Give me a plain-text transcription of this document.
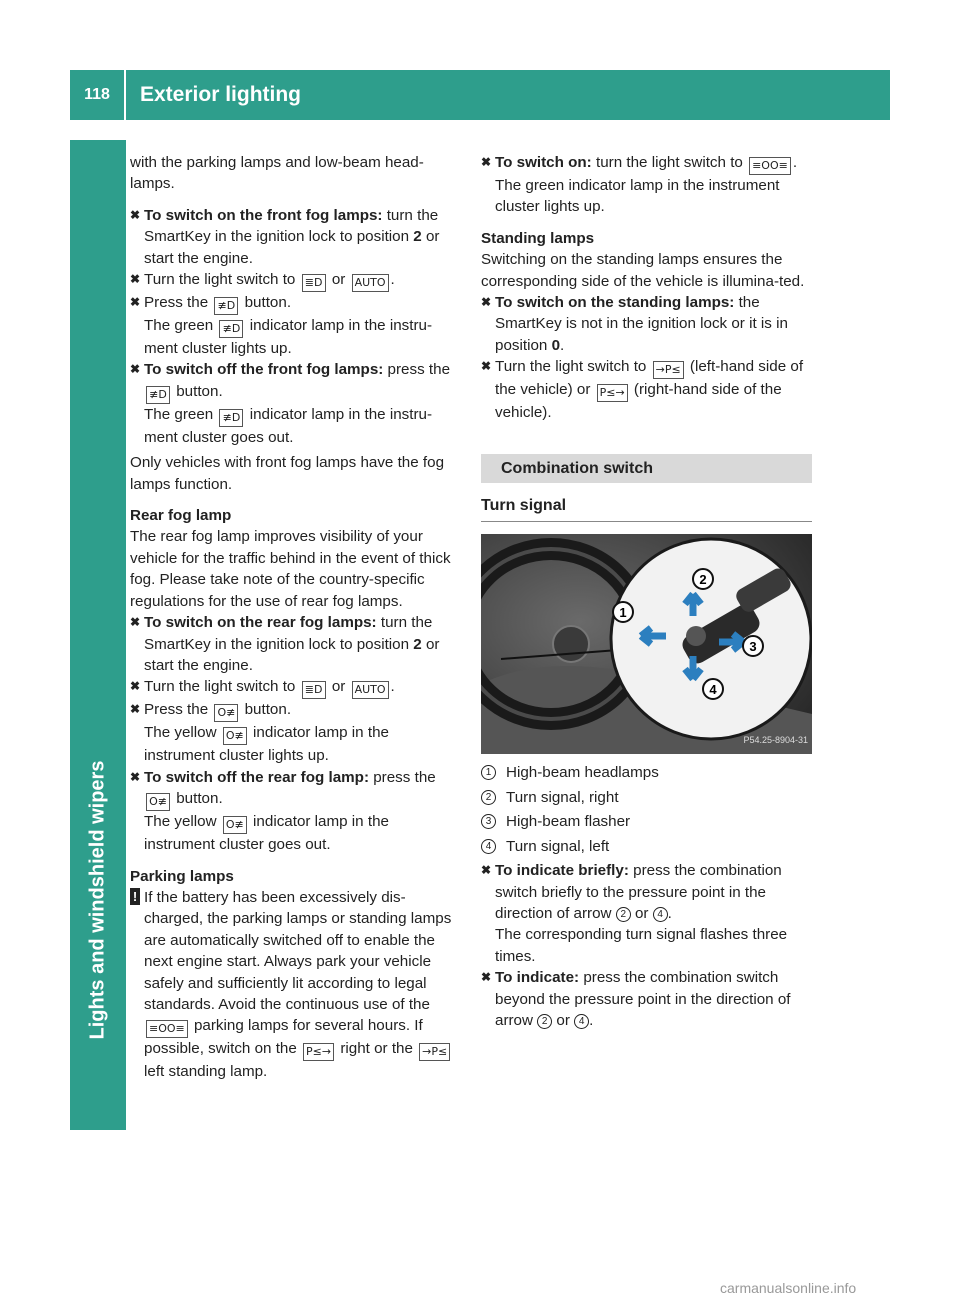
118	Exterior lighting
Lights and windshield wipers

with the parking lamps and low-beam head-lamps.

✖ To switch on the front fog lamps: turn the SmartKey in the ignition lock to position 2 or start the engine.

✖ Turn the light switch to ≣D or AUTO .

✖ Press the ≢D button.
The green ≢D indicator lamp in the instru-ment cluster lights up.

✖ To switch off the front fog lamps: press the ≢D button.
The green ≢D indicator lamp in the instru-ment cluster goes out.

Only vehicles with front fog lamps have the fog lamps function.

Rear fog lamp

The rear fog lamp improves visibility of your vehicle for the traffic behind in the event of thick fog. Please take note of the country-specific regulations for the use of rear fog lamps.

✖ To switch on the rear fog lamps: turn the SmartKey in the ignition lock to position 2 or start the engine.

✖ Turn the light switch to ≣D or AUTO .

✖ Press the O≢ button.
The yellow O≢ indicator lamp in the instrument cluster lights up.

✖ To switch off the rear fog lamp: press the
O≢ button.
The yellow O≢ indicator lamp in the instrument cluster goes out.

Parking lamps

! If the battery has been excessively dis-charged, the parking lamps or standing lamps are automatically switched off to enable the next engine start. Always park your vehicle safely and sufficiently lit according to legal standards. Avoid the continuous use of the ≡OO≡ parking lamps for several hours. If possible, switch on the P≤→ right or the →P≤ left standing lamp.

✖ To switch on: turn the light switch to ≡OO≡ .
The green indicator lamp in the instrument cluster lights up.

Standing lamps

Switching on the standing lamps ensures the corresponding side of the vehicle is illumina-ted.

✖ To switch on the standing lamps: the SmartKey is not in the ignition lock or it is in position 0.

✖ Turn the light switch to →P≤ (left-hand side of the vehicle) or P≤→ (right-hand side of the vehicle).

Combination switch
Turn signal
1
2
3
4
P54.25-8904-31

1 High-beam headlamps

2 Turn signal, right

3 High-beam flasher

4 Turn signal, left

✖ To indicate briefly: press the combination switch briefly to the pressure point in the direction of arrow 2 or 4 .
The corresponding turn signal flashes three times.

✖ To indicate: press the combination switch beyond the pressure point in the direction of arrow 2 or 4 .

carmanualsonline.info
